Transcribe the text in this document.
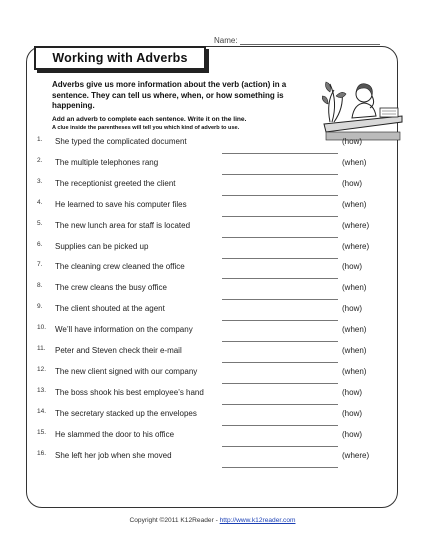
Name:
Working with Adverbs
Adverbs give us more information about the verb (action) in a sentence. They can tell us where, when, or how something is happening.
Add an adverb to complete each sentence. Write it on the line.
A clue inside the parentheses will tell you which kind of adverb to use.
1. She typed the complicated document	(how)
2. The multiple telephones rang	(when)
3. The receptionist greeted the client	(how)
4. He learned to save his computer files	(when)
5. The new lunch area for staff is located	(where)
6. Supplies can be picked up	(where)
7. The cleaning crew cleaned the office	(how)
8. The crew cleans the busy office	(when)
9. The client shouted at the agent	(how)
10. We’ll have information on the company	(when)
11. Peter and Steven check their e-mail	(when)
12. The new client signed with our company	(when)
13. The boss shook his best employee’s hand	(how)
14. The secretary stacked up the envelopes	(how)
15. He slammed the door to his office	(how)
16. She left her job when she moved	(where)
Copyright ©2011 K12Reader - http://www.k12reader.com
